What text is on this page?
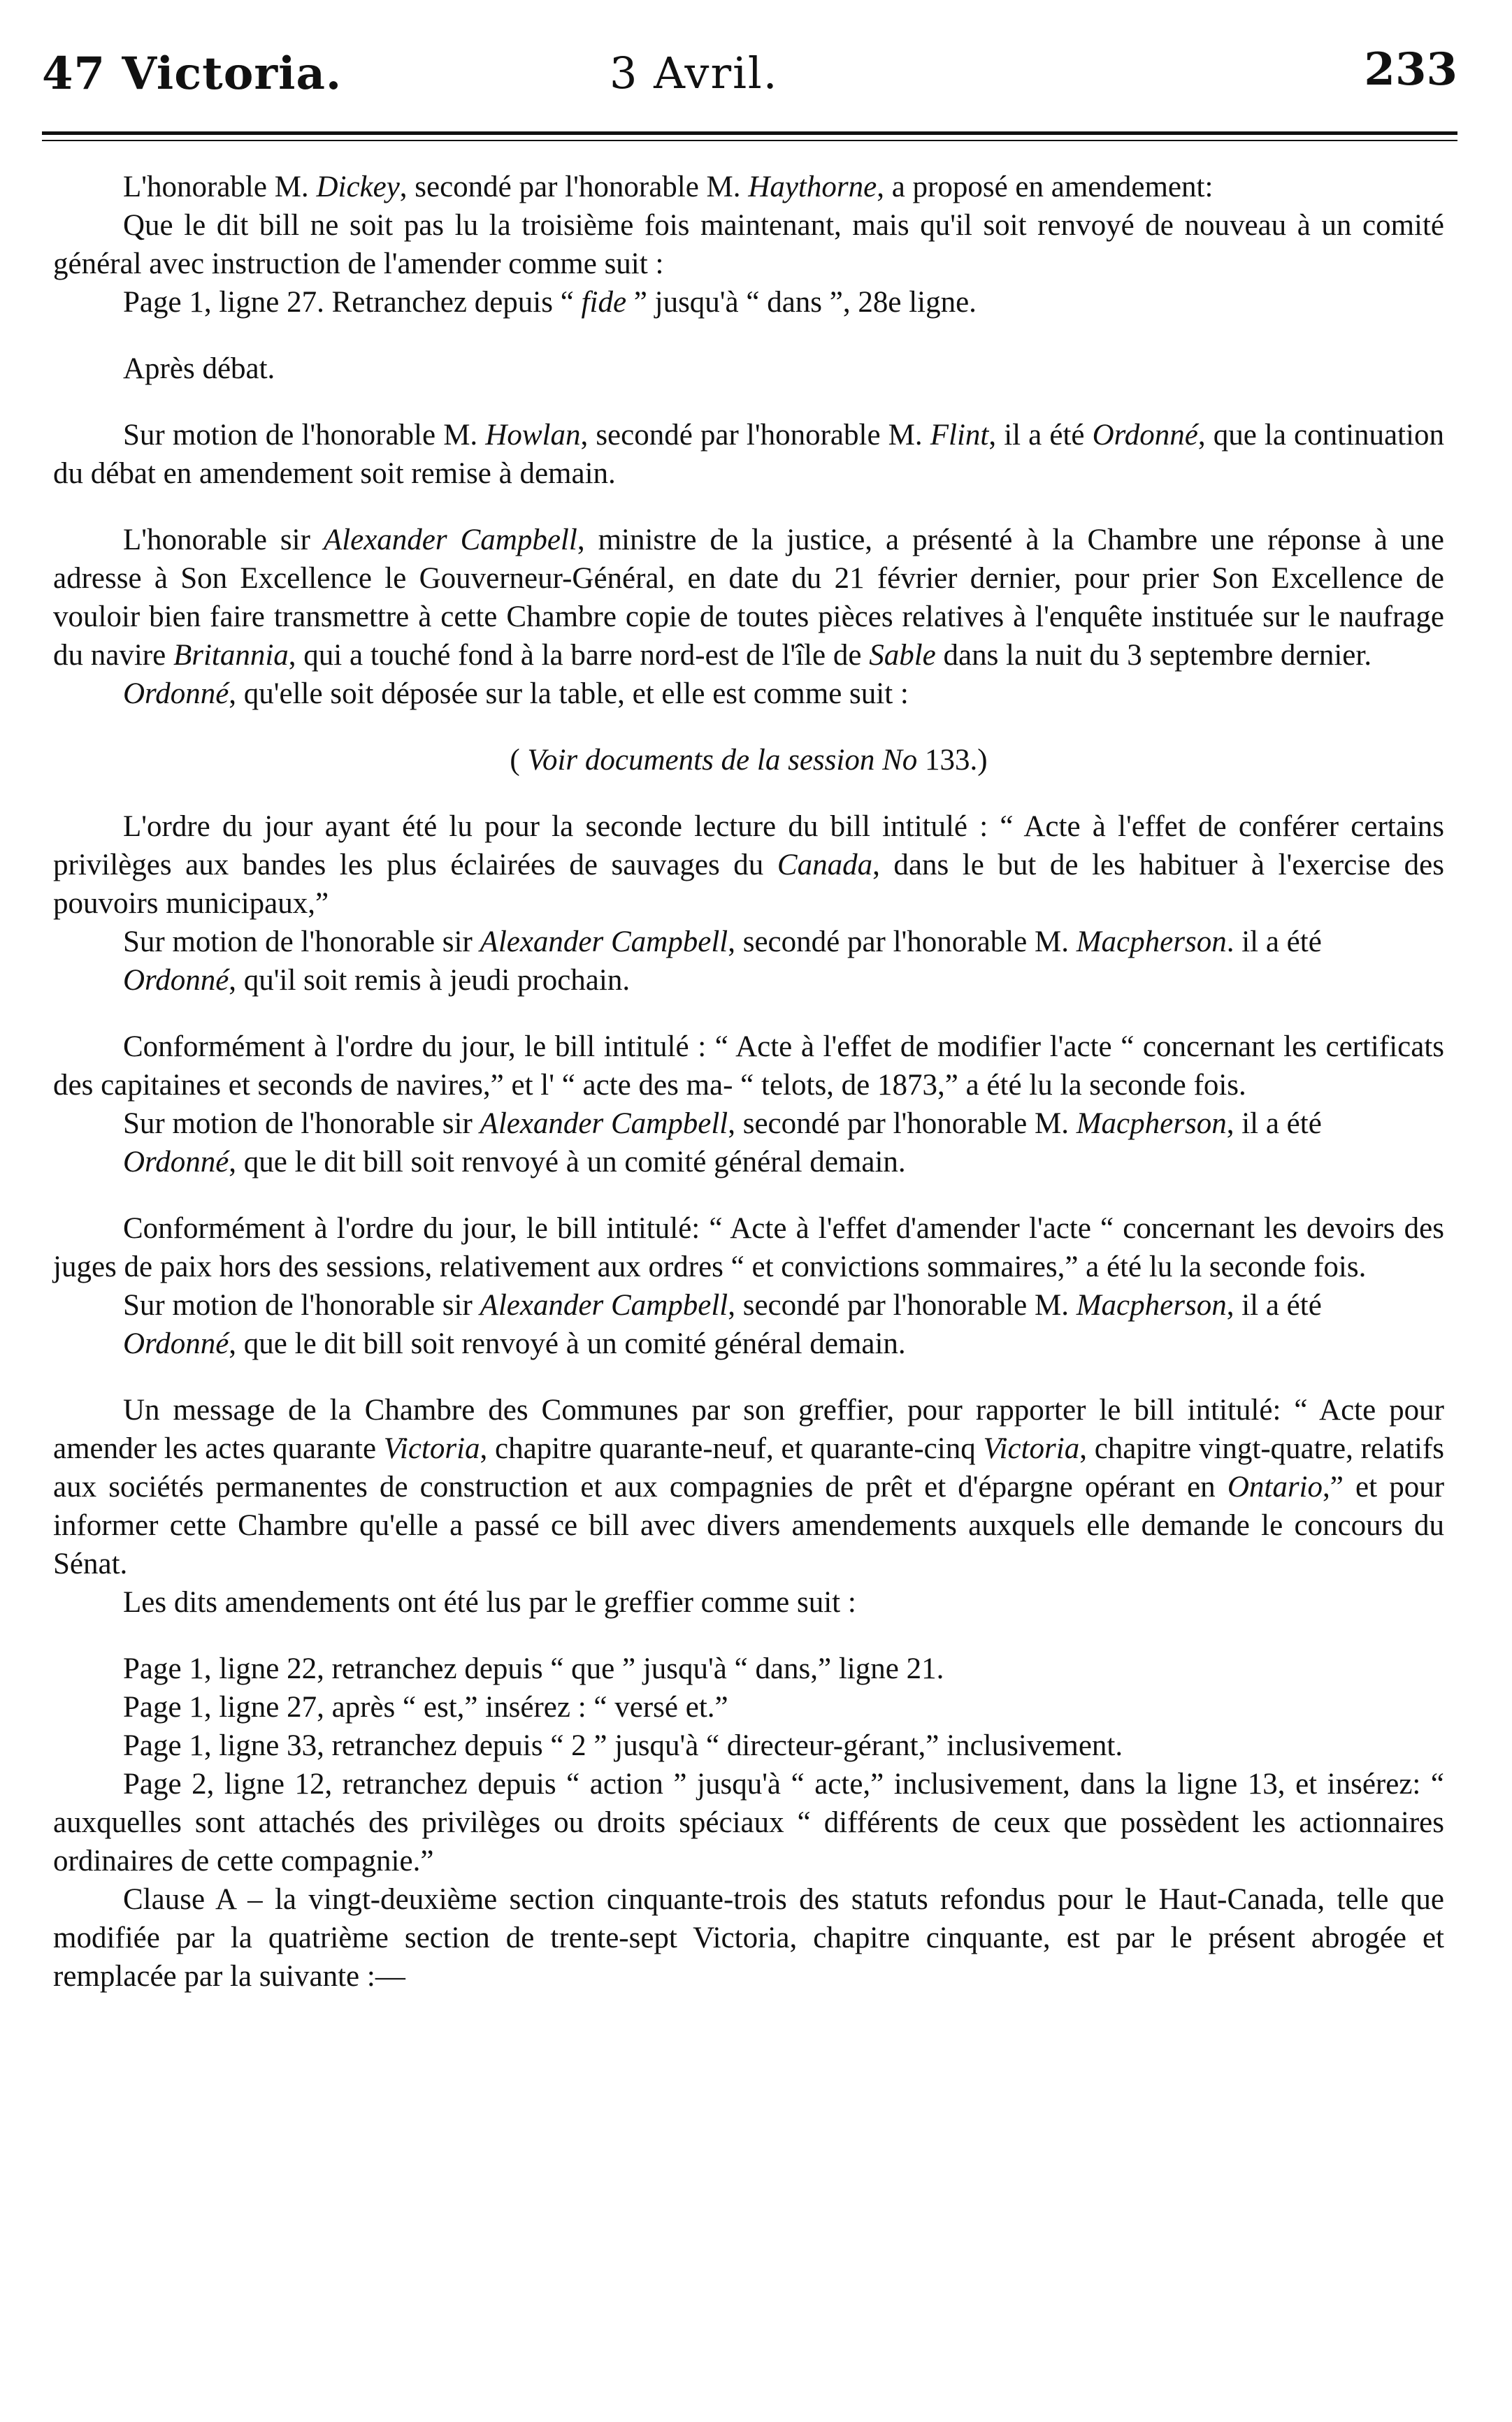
47 Victoria.	3 Avril.	233

L'honorable M. Dickey, secondé par l'honorable M. Haythorne, a proposé en amendement:

Que le dit bill ne soit pas lu la troisième fois maintenant, mais qu'il soit renvoyé de nouveau à un comité général avec instruction de l'amender comme suit :

Page 1, ligne 27. Retranchez depuis “ fide ” jusqu'à “ dans ”, 28e ligne.

Après débat.

Sur motion de l'honorable M. Howlan, secondé par l'honorable M. Flint, il a été Ordonné, que la continuation du débat en amendement soit remise à demain.

L'honorable sir Alexander Campbell, ministre de la justice, a présenté à la Chambre une réponse à une adresse à Son Excellence le Gouverneur-Général, en date du 21 février dernier, pour prier Son Excellence de vouloir bien faire transmettre à cette Chambre copie de toutes pièces relatives à l'enquête instituée sur le naufrage du navire Britannia, qui a touché fond à la barre nord-est de l'île de Sable dans la nuit du 3 septembre dernier.

Ordonné, qu'elle soit déposée sur la table, et elle est comme suit :

( Voir documents de la session No 133.)

L'ordre du jour ayant été lu pour la seconde lecture du bill intitulé : “ Acte à l'effet de conférer certains privilèges aux bandes les plus éclairées de sauvages du Canada, dans le but de les habituer à l'exercise des pouvoirs municipaux,”

Sur motion de l'honorable sir Alexander Campbell, secondé par l'honorable M. Macpherson. il a été

Ordonné, qu'il soit remis à jeudi prochain.

Conformément à l'ordre du jour, le bill intitulé : “ Acte à l'effet de modifier l'acte “ concernant les certificats des capitaines et seconds de navires,” et l' “ acte des ma- “ telots, de 1873,” a été lu la seconde fois.

Sur motion de l'honorable sir Alexander Campbell, secondé par l'honorable M. Macpherson, il a été

Ordonné, que le dit bill soit renvoyé à un comité général demain.

Conformément à l'ordre du jour, le bill intitulé: “ Acte à l'effet d'amender l'acte “ concernant les devoirs des juges de paix hors des sessions, relativement aux ordres “ et convictions sommaires,” a été lu la seconde fois.

Sur motion de l'honorable sir Alexander Campbell, secondé par l'honorable M. Macpherson, il a été

Ordonné, que le dit bill soit renvoyé à un comité général demain.

Un message de la Chambre des Communes par son greffier, pour rapporter le bill intitulé: “ Acte pour amender les actes quarante Victoria, chapitre quarante-neuf, et quarante-cinq Victoria, chapitre vingt-quatre, relatifs aux sociétés permanentes de construction et aux compagnies de prêt et d'épargne opérant en Ontario,” et pour informer cette Chambre qu'elle a passé ce bill avec divers amendements auxquels elle demande le concours du Sénat.

Les dits amendements ont été lus par le greffier comme suit :

Page 1, ligne 22, retranchez depuis “ que ” jusqu'à “ dans,” ligne 21.

Page 1, ligne 27, après “ est,” insérez : “ versé et.”

Page 1, ligne 33, retranchez depuis “ 2 ” jusqu'à “ directeur-gérant,” inclusivement.

Page 2, ligne 12, retranchez depuis “ action ” jusqu'à “ acte,” inclusivement, dans la ligne 13, et insérez: “ auxquelles sont attachés des privilèges ou droits spéciaux “ différents de ceux que possèdent les actionnaires ordinaires de cette compagnie.”

Clause A – la vingt-deuxième section cinquante-trois des statuts refondus pour le Haut-Canada, telle que modifiée par la quatrième section de trente-sept Victoria, chapitre cinquante, est par le présent abrogée et remplacée par la suivante :—
